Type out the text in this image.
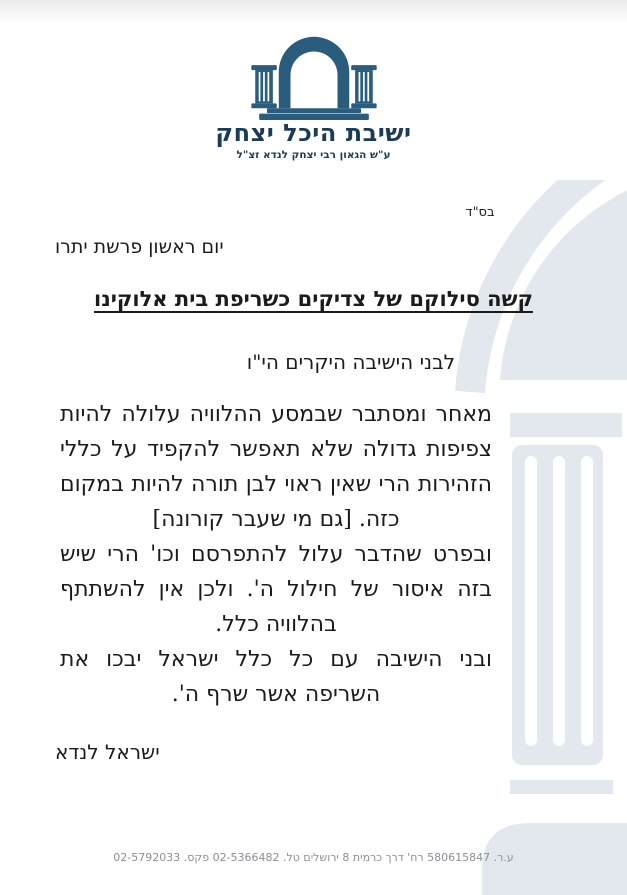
ישיבת היכל יצחק
ע"ש הגאון רבי יצחק לנדא זצ"ל
בס"ד
יום ראשון פרשת יתרו
קשה סילוקם של צדיקים כשריפת בית אלוקינו
לבני הישיבה היקרים הי"ו

מאחר ומסתבר שבמסע ההלוויה עלולה להיות צפיפות גדולה שלא תאפשר להקפיד על כללי הזהירות הרי שאין ראוי לבן תורה להיות במקום כזה. [גם מי שעבר קורונה]

ובפרט שהדבר עלול להתפרסם וכו' הרי שיש בזה איסור של חילול ה'. ולכן אין להשתתף בהלוויה כלל.

ובני הישיבה עם כל כלל ישראל יבכו את השריפה אשר שרף ה'.

ישראל לנדא
ע.ר. 580615847 רח' דרך כרמית 8 ירושלים טל. 02-5366482 פקס. 02-5792033
